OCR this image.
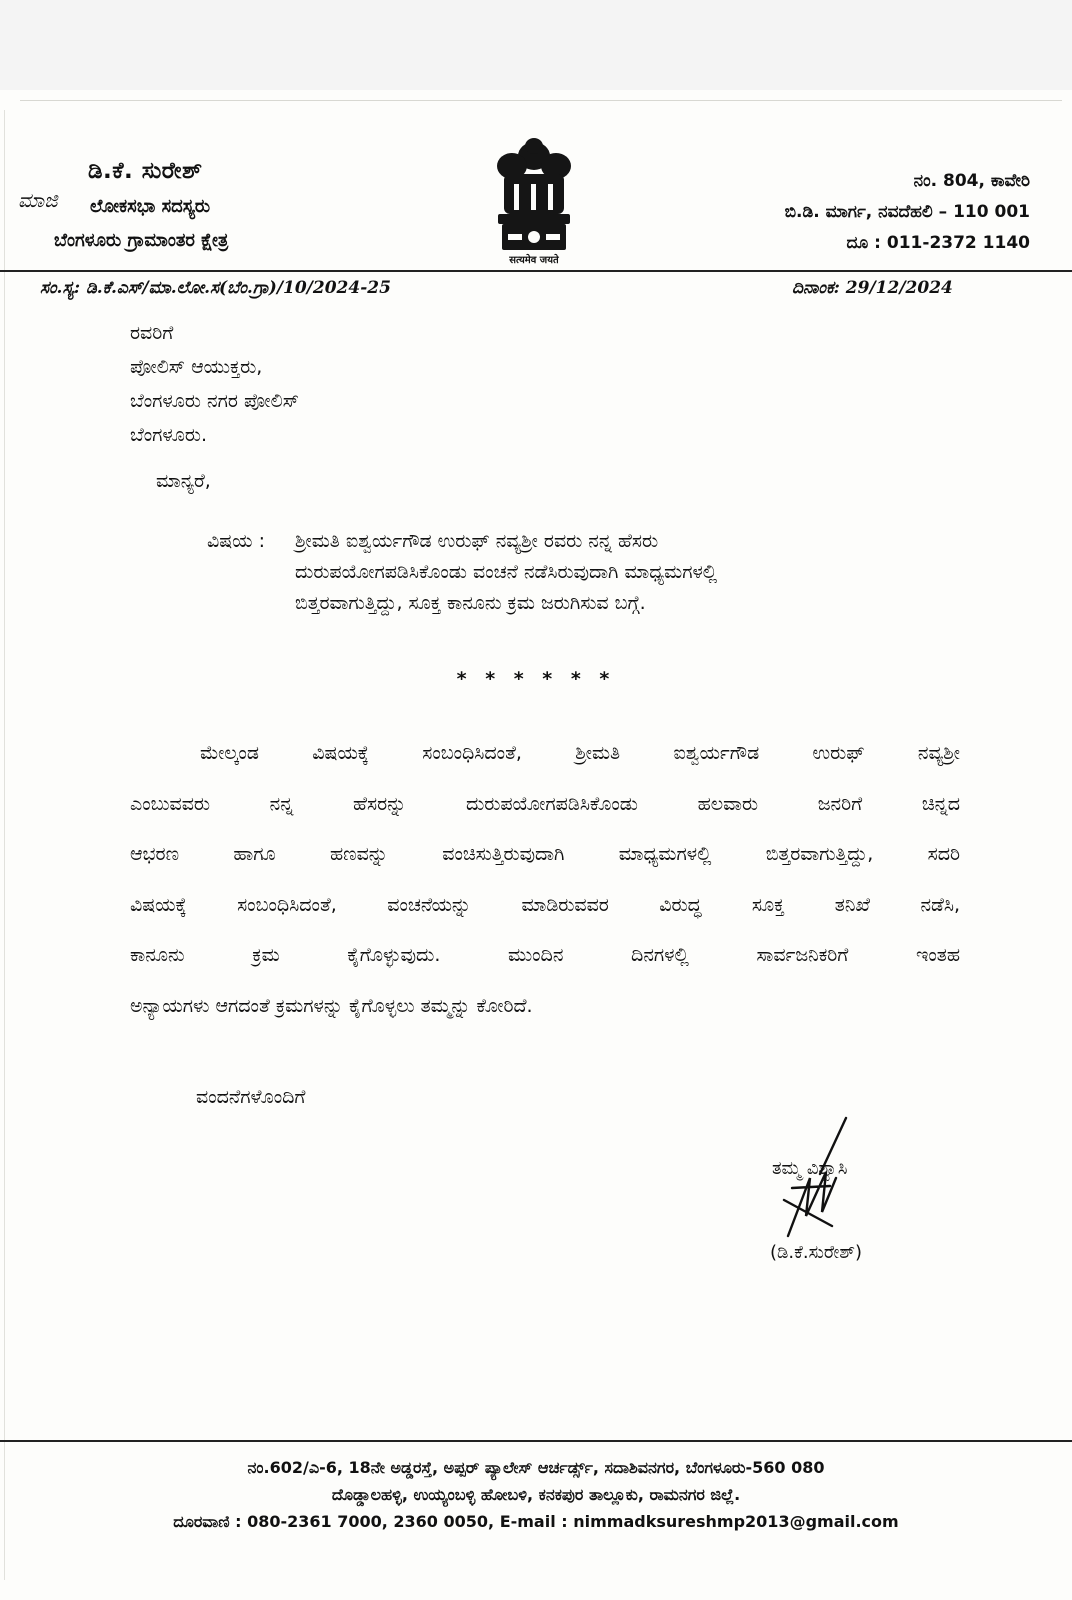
ಡಿ.ಕೆ. ಸುರೇಶ್
ಮಾಜಿ ಲೋಕಸಭಾ ಸದಸ್ಯರು
ಬೆಂಗಳೂರು ಗ್ರಾಮಾಂತರ ಕ್ಷೇತ್ರ
सत्यमेव जयते
ನಂ. 804, ಕಾವೇರಿ
ಬಿ.ಡಿ. ಮಾರ್ಗ, ನವದೆಹಲಿ – 110 001
ದೂ : 011-2372 1140
ಸಂ.ಸ್ಯ: ಡಿ.ಕೆ.ಎಸ್/ಮಾ.ಲೋ.ಸ(ಬೆಂ.ಗ್ರಾ)/10/2024-25	ದಿನಾಂಕ: 29/12/2024
ರವರಿಗೆ
ಪೋಲಿಸ್ ಆಯುಕ್ತರು,
ಬೆಂಗಳೂರು ನಗರ ಪೋಲಿಸ್
ಬೆಂಗಳೂರು.
ಮಾನ್ಯರೆ,
ವಿಷಯ : ಶ್ರೀಮತಿ ಐಶ್ವರ್ಯಗೌಡ ಉರುಫ್ ನವ್ಯಶ್ರೀ ರವರು ನನ್ನ ಹೆಸರು
ದುರುಪಯೋಗಪಡಿಸಿಕೊಂಡು ವಂಚನೆ ನಡೆಸಿರುವುದಾಗಿ ಮಾಧ್ಯಮಗಳಲ್ಲಿ
ಬಿತ್ತರವಾಗುತ್ತಿದ್ದು, ಸೂಕ್ತ ಕಾನೂನು ಕ್ರಮ ಜರುಗಿಸುವ ಬಗ್ಗೆ.
* * * * * *
ಮೇಲ್ಕಂಡ ವಿಷಯಕ್ಕೆ ಸಂಬಂಧಿಸಿದಂತೆ, ಶ್ರೀಮತಿ ಐಶ್ವರ್ಯಗೌಡ ಉರುಫ್ ನವ್ಯಶ್ರೀ
ಎಂಬುವವರು ನನ್ನ ಹೆಸರನ್ನು ದುರುಪಯೋಗಪಡಿಸಿಕೊಂಡು ಹಲವಾರು ಜನರಿಗೆ ಚಿನ್ನದ
ಆಭರಣ ಹಾಗೂ ಹಣವನ್ನು ವಂಚಿಸುತ್ತಿರುವುದಾಗಿ ಮಾಧ್ಯಮಗಳಲ್ಲಿ ಬಿತ್ತರವಾಗುತ್ತಿದ್ದು, ಸದರಿ
ವಿಷಯಕ್ಕೆ ಸಂಬಂಧಿಸಿದಂತೆ, ವಂಚನೆಯನ್ನು ಮಾಡಿರುವವರ ವಿರುದ್ಧ ಸೂಕ್ತ ತನಿಖೆ ನಡೆಸಿ,
ಕಾನೂನು ಕ್ರಮ ಕೈಗೊಳ್ಳುವುದು. ಮುಂದಿನ ದಿನಗಳಲ್ಲಿ ಸಾರ್ವಜನಿಕರಿಗೆ ಇಂತಹ
ಅನ್ಯಾಯಗಳು ಆಗದಂತೆ ಕ್ರಮಗಳನ್ನು ಕೈಗೊಳ್ಳಲು ತಮ್ಮನ್ನು ಕೋರಿದೆ.
ವಂದನೆಗಳೊಂದಿಗೆ
ತಮ್ಮ ವಿಶ್ವಾಸಿ
(ಡಿ.ಕೆ.ಸುರೇಶ್)
ನಂ.602/ಎ-6, 18ನೇ ಅಡ್ಡರಸ್ತೆ, ಅಪ್ಪರ್ ಪ್ಯಾಲೇಸ್ ಆರ್ಚರ್ಡ್ಸ್, ಸದಾಶಿವನಗರ, ಬೆಂಗಳೂರು-560 080
ದೊಡ್ಡಾಲಹಳ್ಳಿ, ಉಯ್ಯಂಬಳ್ಳಿ ಹೋಬಳಿ, ಕನಕಪುರ ತಾಲ್ಲೂಕು, ರಾಮನಗರ ಜಿಲ್ಲೆ.
ದೂರವಾಣಿ : 080-2361 7000, 2360 0050, E-mail : nimmadksureshmp2013@gmail.com
